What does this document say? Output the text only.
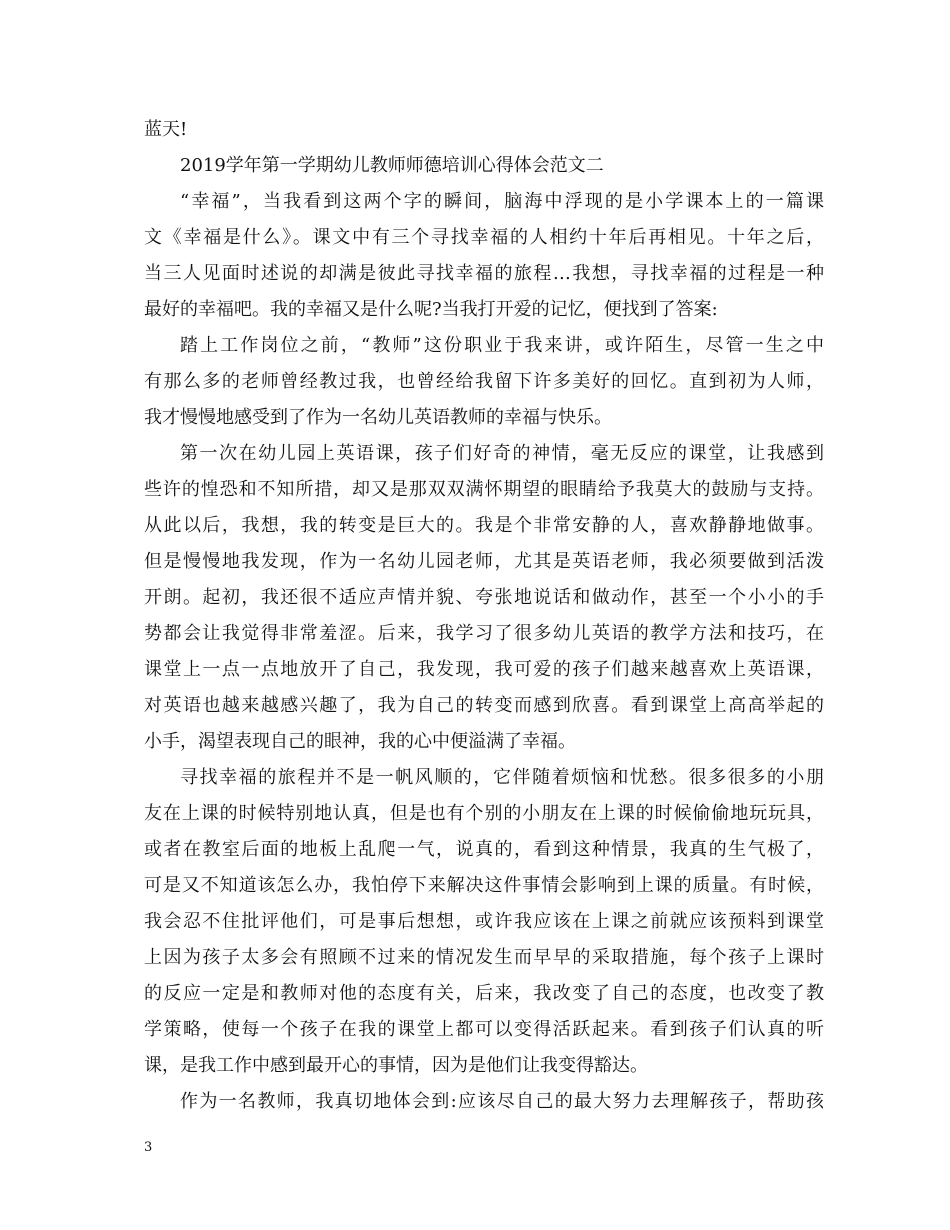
蓝天!
2019学年第一学期幼儿教师师德培训心得体会范文二
“幸福”，当我看到这两个字的瞬间，脑海中浮现的是小学课本上的一篇课
文《幸福是什么》。课文中有三个寻找幸福的人相约十年后再相见。十年之后，
当三人见面时述说的却满是彼此寻找幸福的旅程…我想，寻找幸福的过程是一种
最好的幸福吧。我的幸福又是什么呢?当我打开爱的记忆，便找到了答案:
踏上工作岗位之前，“教师”这份职业于我来讲，或许陌生，尽管一生之中
有那么多的老师曾经教过我，也曾经给我留下许多美好的回忆。直到初为人师，
我才慢慢地感受到了作为一名幼儿英语教师的幸福与快乐。
第一次在幼儿园上英语课，孩子们好奇的神情，毫无反应的课堂，让我感到
些许的惶恐和不知所措，却又是那双双满怀期望的眼睛给予我莫大的鼓励与支持。
从此以后，我想，我的转变是巨大的。我是个非常安静的人，喜欢静静地做事。
但是慢慢地我发现，作为一名幼儿园老师，尤其是英语老师，我必须要做到活泼
开朗。起初，我还很不适应声情并貌、夸张地说话和做动作，甚至一个小小的手
势都会让我觉得非常羞涩。后来，我学习了很多幼儿英语的教学方法和技巧，在
课堂上一点一点地放开了自己，我发现，我可爱的孩子们越来越喜欢上英语课，
对英语也越来越感兴趣了，我为自己的转变而感到欣喜。看到课堂上高高举起的
小手，渴望表现自己的眼神，我的心中便溢满了幸福。
寻找幸福的旅程并不是一帆风顺的，它伴随着烦恼和忧愁。很多很多的小朋
友在上课的时候特别地认真，但是也有个别的小朋友在上课的时候偷偷地玩玩具，
或者在教室后面的地板上乱爬一气，说真的，看到这种情景，我真的生气极了，
可是又不知道该怎么办，我怕停下来解决这件事情会影响到上课的质量。有时候，
我会忍不住批评他们，可是事后想想，或许我应该在上课之前就应该预料到课堂
上因为孩子太多会有照顾不过来的情况发生而早早的采取措施，每个孩子上课时
的反应一定是和教师对他的态度有关，后来，我改变了自己的态度，也改变了教
学策略，使每一个孩子在我的课堂上都可以变得活跃起来。看到孩子们认真的听
课，是我工作中感到最开心的事情，因为是他们让我变得豁达。
作为一名教师，我真切地体会到:应该尽自己的最大努力去理解孩子，帮助孩
3
